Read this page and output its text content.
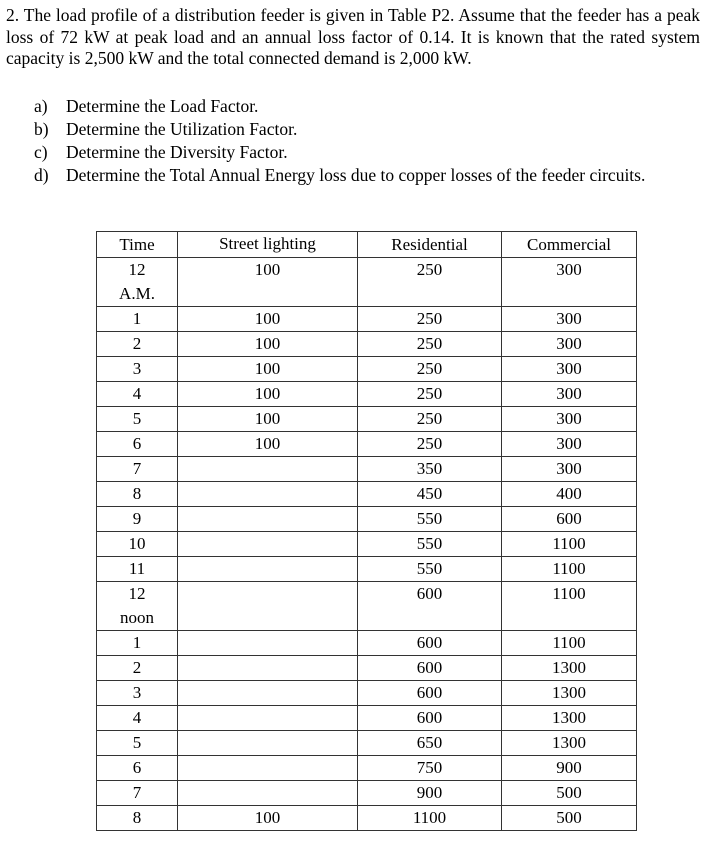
2. The load profile of a distribution feeder is given in Table P2. Assume that the feeder has a peak loss of 72 kW at peak load and an annual loss factor of 0.14. It is known that the rated system capacity is 2,500 kW and the total connected demand is 2,000 kW.
a)	Determine the Load Factor.
b) Determine the Utilization Factor.
c)	Determine the Diversity Factor.
d) Determine the Total Annual Energy loss due to copper losses of the feeder circuits.
Time	Street lighting	Residential	Commercial
12 A.M.	100	250	300
1	100	250	300
2	100	250	300
3	100	250	300
4	100	250	300
5	100	250	300
6	100	250	300
7		350	300
8		450	400
9		550	600
10		550	1100
11		550	1100
12 noon		600	1100
1		600	1100
2		600	1300
3		600	1300
4		600	1300
5		650	1300
6		750	900
7		900	500
8	100	1100	500
